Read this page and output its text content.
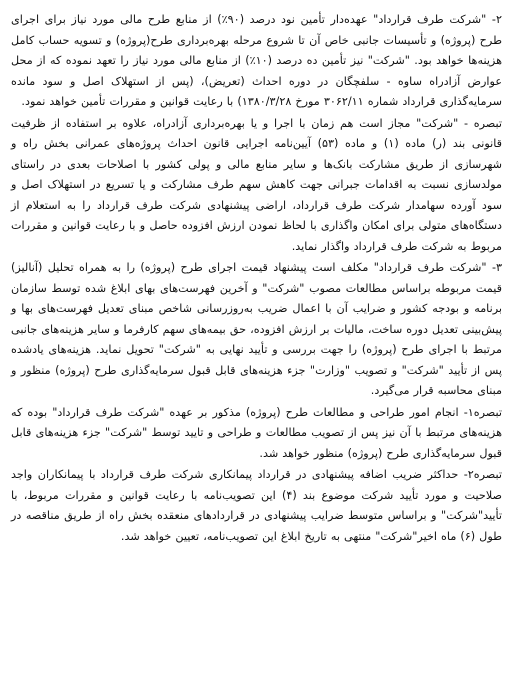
۲- "شرکت طرف قرارداد" عهده‌دار تأمین نود درصد (۹۰٪) از منابع طرح مالی مورد نیاز برای اجرای طرح (پروژه) و تأسیسات جانبی خاص آن تا شروع مرحله بهره‌برداری طرح(پروژه) و تسویه حساب کامل هزینه‌ها خواهد بود. "شرکت" نیز تأمین ده درصد (۱۰٪) از منابع مالی مورد نیاز را تعهد نموده که از محل عوارض آزادراه ساوه - سلفچگان در دوره احداث (تعریض)، (پس از استهلاک اصل و سود مانده سرمایه‌گذاری قرارداد شماره ۳۰۶۲/۱۱ مورخ ۱۳۸۰/۳/۲۸) با رعایت قوانین و مقررات تأمین خواهد نمود.

تبصره - "شرکت" مجاز است هم زمان با اجرا و یا بهره‌برداری آزادراه، علاوه بر استفاده از ظرفیت قانونی بند (ر) ماده (۱) و ماده (۵۳) آیین‌نامه اجرایی قانون احداث پروژه‌های عمرانی بخش راه و شهرسازی از طریق مشارکت بانک‌ها و سایر منابع مالی و پولی کشور با اصلاحات بعدی در راستای مولدسازی نسبت به اقدامات جبرانی جهت کاهش سهم طرف مشارکت و یا تسریع در استهلاک اصل و سود آورده سهامدار شرکت طرف قرارداد، اراضی پیشنهادی شرکت طرف قرارداد را به استعلام از دستگاه‌های متولی برای امکان واگذاری با لحاظ نمودن ارزش افزوده حاصل و با رعایت قوانین و مقررات مربوط به شرکت طرف قرارداد واگذار نماید.

۳- "شرکت طرف قرارداد" مکلف است پیشنهاد قیمت اجرای طرح (پروژه) را به همراه تحلیل (آنالیز) قیمت مربوطه براساس مطالعات مصوب "شرکت" و آخرین فهرست‌های بهای ابلاغ شده توسط سازمان برنامه و بودجه کشور و ضرایب آن با اعمال ضریب به‌روزرسانی شاخص مبنای تعدیل فهرست‌های بها و پیش‌بینی تعدیل دوره ساخت، مالیات بر ارزش افزوده، حق بیمه‌های سهم کارفرما و سایر هزینه‌های جانبی مرتبط با اجرای طرح (پروژه) را جهت بررسی و تأیید نهایی به "شرکت" تحویل نماید. هزینه‌های یادشده پس از تأیید "شرکت" و تصویب "وزارت" جزء هزینه‌های قابل قبول سرمایه‌گذاری طرح (پروژه) منظور و مبنای محاسبه قرار می‌گیرد.

تبصره۱- انجام امور طراحی و مطالعات طرح (پروژه) مذکور بر عهده "شرکت طرف قرارداد" بوده که هزینه‌های مرتبط با آن نیز پس از تصویب مطالعات و طراحی و تایید توسط "شرکت" جزء هزینه‌های قابل قبول سرمایه‌گذاری طرح (پروژه) منظور خواهد شد.

تبصره۲- حداکثر ضریب اضافه پیشنهادی در قرارداد پیمانکاری شرکت طرف قرارداد با پیمانکاران واجد صلاحیت و مورد تأیید شرکت موضوع بند (۴) این تصویب‌نامه با رعایت قوانین و مقررات مربوط، با تأیید"شرکت" و براساس متوسط ضرایب پیشنهادی در قراردادهای منعقده بخش راه از طریق مناقصه در طول (۶) ماه اخیر"شرکت" منتهی به تاریخ ابلاغ این تصویب‌نامه، تعیین خواهد شد.
